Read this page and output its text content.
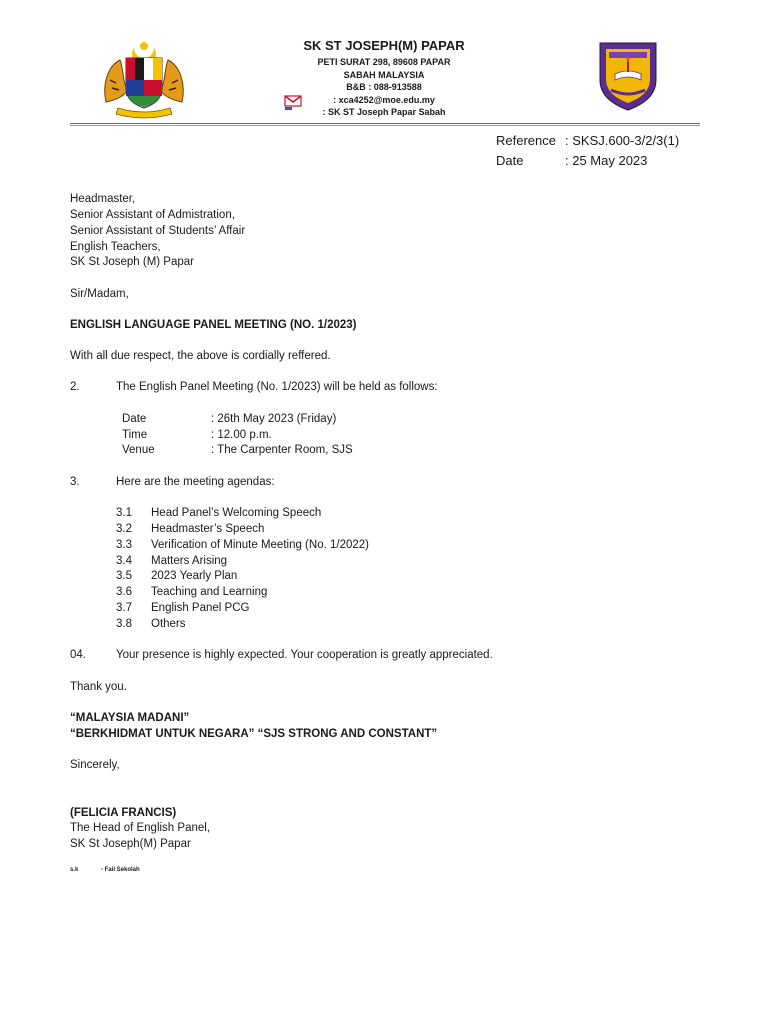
SK ST JOSEPH(M) PAPAR
PETI SURAT 298, 89608 PAPAR
SABAH MALAYSIA
B&B : 088-913588
: xca4252@moe.edu.my
: SK ST Joseph Papar Sabah
Reference : SKSJ.600-3/2/3(1)
Date	: 25 May 2023
Headmaster,
Senior Assistant of Admistration,
Senior Assistant of Students’ Affair
English Teachers,
SK St Joseph (M) Papar
Sir/Madam,
ENGLISH LANGUAGE PANEL MEETING (NO. 1/2023)
With all due respect, the above is cordially reffered.
2.	The English Panel Meeting (No. 1/2023) will be held as follows:
Date	: 26th May 2023 (Friday)
Time	: 12.00 p.m.
Venue	: The Carpenter Room, SJS
3.	Here are the meeting agendas:
3.1 Head Panel’s Welcoming Speech
3.2 Headmaster’s Speech
3.3 Verification of Minute Meeting (No. 1/2022)
3.4 Matters Arising
3.5 2023 Yearly Plan
3.6 Teaching and Learning
3.7 English Panel PCG
3.8 Others
04.	Your presence is highly expected. Your cooperation is greatly appreciated.
Thank you.
“MALAYSIA MADANI”
“BERKHIDMAT UNTUK NEGARA” “SJS STRONG AND CONSTANT”
Sincerely,
(FELICIA FRANCIS)
The Head of English Panel,
SK St Joseph(M) Papar
s.k	- Fail Sekolah
